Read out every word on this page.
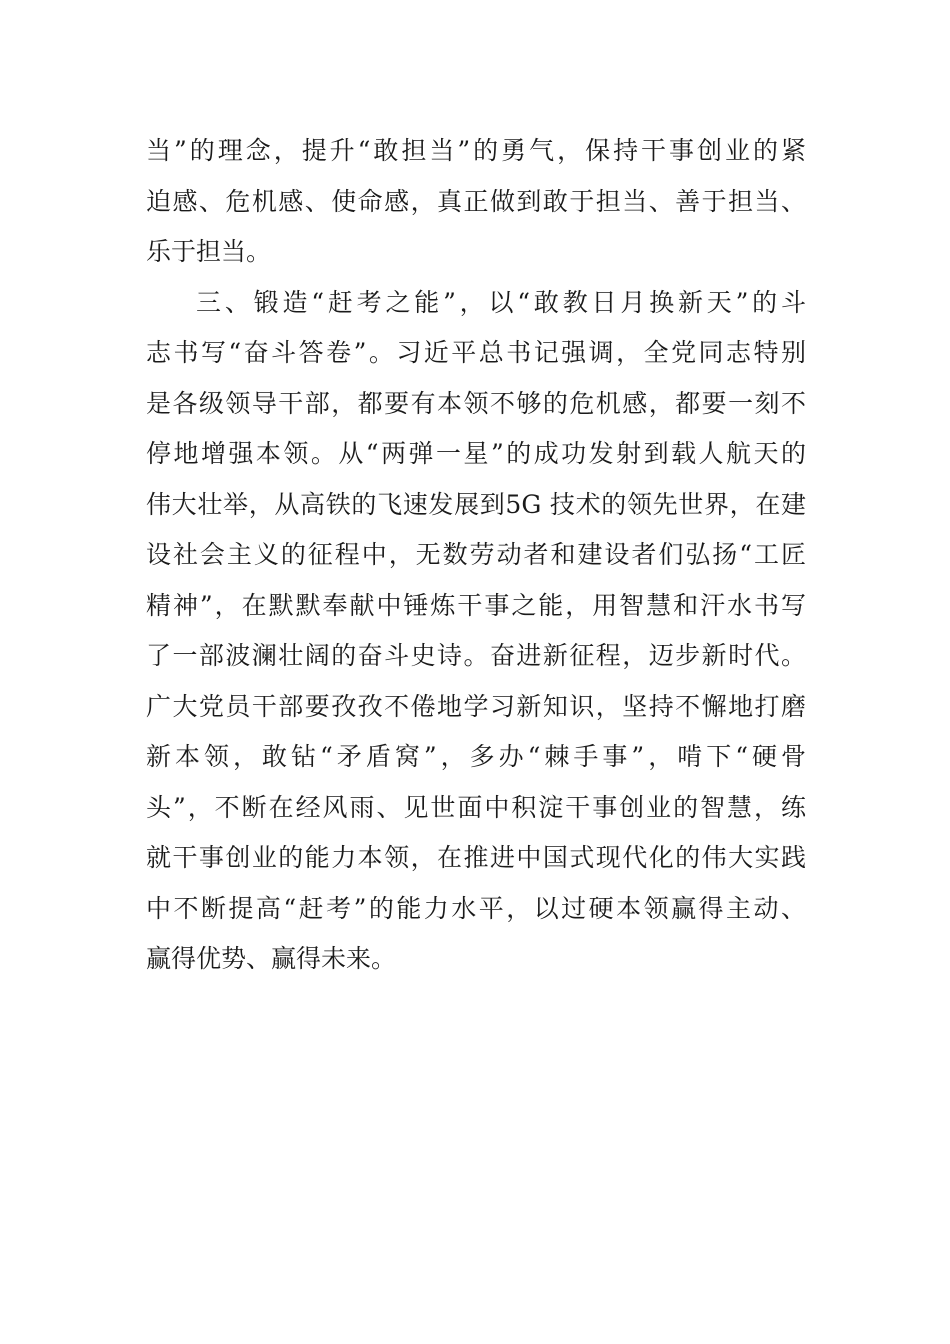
当”的理念，提升“敢担当”的勇气，保持干事创业的紧
迫感、危机感、使命感，真正做到敢于担当、善于担当、
乐于担当。
三、锻造“赶考之能”，以“敢教日月换新天”的斗
志书写“奋斗答卷”。习近平总书记强调，全党同志特别
是各级领导干部，都要有本领不够的危机感，都要一刻不
停地增强本领。从“两弹一星”的成功发射到载人航天的
伟大壮举，从高铁的飞速发展到5G 技术的领先世界，在建
设社会主义的征程中，无数劳动者和建设者们弘扬“工匠
精神”，在默默奉献中锤炼干事之能，用智慧和汗水书写
了一部波澜壮阔的奋斗史诗。奋进新征程，迈步新时代。
广大党员干部要孜孜不倦地学习新知识，坚持不懈地打磨
新本领，敢钻“矛盾窝”，多办“棘手事”，啃下“硬骨
头”，不断在经风雨、见世面中积淀干事创业的智慧，练
就干事创业的能力本领，在推进中国式现代化的伟大实践
中不断提高“赶考”的能力水平，以过硬本领赢得主动、
赢得优势、赢得未来。
